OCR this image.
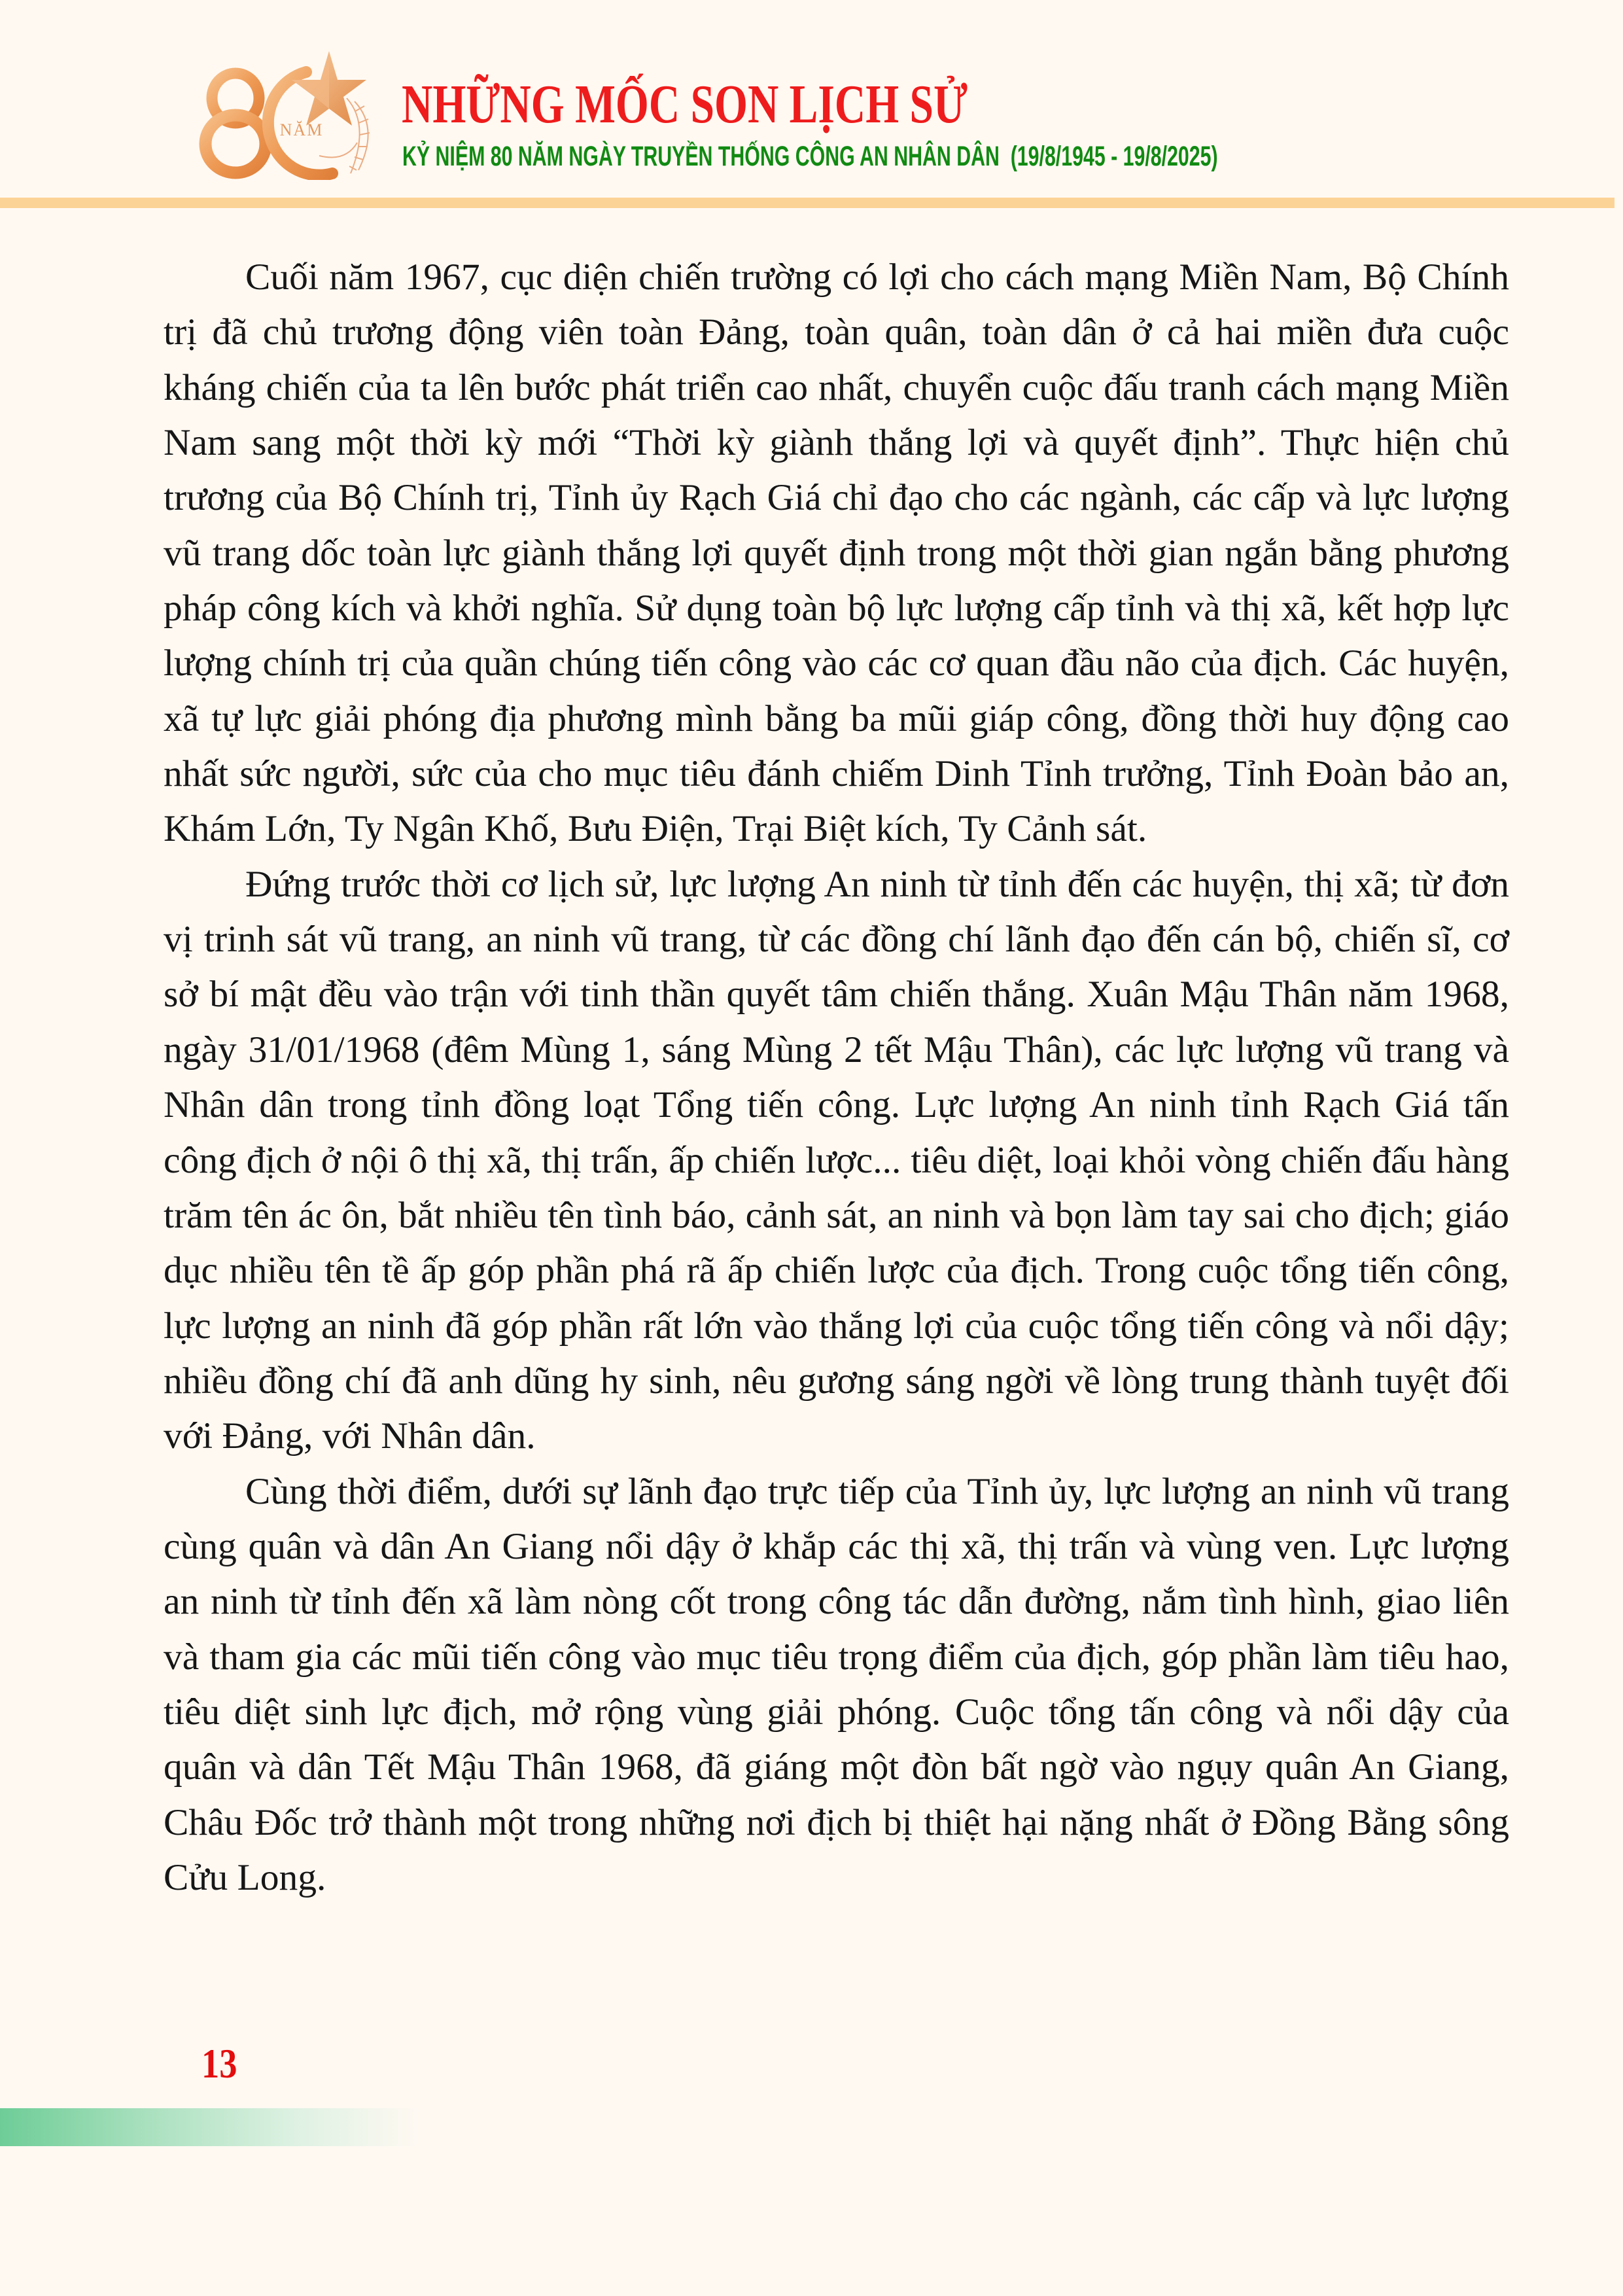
NĂM NHỮNG MỐC SON LỊCH SỬ
KỶ NIỆM 80 NĂM NGÀY TRUYỀN THỐNG CÔNG AN NHÂN DÂN  (19/8/1945 - 19/8/2025)

Cuối năm 1967, cục diện chiến trường có lợi cho cách mạng Miền Nam, Bộ Chính trị đã chủ trương động viên toàn Đảng, toàn quân, toàn dân ở cả hai miền đưa cuộc kháng chiến của ta lên bước phát triển cao nhất, chuyển cuộc đấu tranh cách mạng Miền Nam sang một thời kỳ mới “Thời kỳ giành thắng lợi và quyết định”. Thực hiện chủ trương của Bộ Chính trị, Tỉnh ủy Rạch Giá chỉ đạo cho các ngành, các cấp và lực lượng vũ trang dốc toàn lực giành thắng lợi quyết định trong một thời gian ngắn bằng phương pháp công kích và khởi nghĩa. Sử dụng toàn bộ lực lượng cấp tỉnh và thị xã, kết hợp lực lượng chính trị của quần chúng tiến công vào các cơ quan đầu não của địch. Các huyện, xã tự lực giải phóng địa phương mình bằng ba mũi giáp công, đồng thời huy động cao nhất sức người, sức của cho mục tiêu đánh chiếm Dinh Tỉnh trưởng, Tỉnh Đoàn bảo an, Khám Lớn, Ty Ngân Khố, Bưu Điện, Trại Biệt kích, Ty Cảnh sát.

Đứng trước thời cơ lịch sử, lực lượng An ninh từ tỉnh đến các huyện, thị xã; từ đơn vị trinh sát vũ trang, an ninh vũ trang, từ các đồng chí lãnh đạo đến cán bộ, chiến sĩ, cơ sở bí mật đều vào trận với tinh thần quyết tâm chiến thắng. Xuân Mậu Thân năm 1968, ngày 31/01/1968 (đêm Mùng 1, sáng Mùng 2 tết Mậu Thân), các lực lượng vũ trang và Nhân dân trong tỉnh đồng loạt Tổng tiến công. Lực lượng An ninh tỉnh Rạch Giá tấn công địch ở nội ô thị xã, thị trấn, ấp chiến lược... tiêu diệt, loại khỏi vòng chiến đấu hàng trăm tên ác ôn, bắt nhiều tên tình báo, cảnh sát, an ninh và bọn làm tay sai cho địch; giáo dục nhiều tên tề ấp góp phần phá rã ấp chiến lược của địch. Trong cuộc tổng tiến công, lực lượng an ninh đã góp phần rất lớn vào thắng lợi của cuộc tổng tiến công và nổi dậy; nhiều đồng chí đã anh dũng hy sinh, nêu gương sáng ngời về lòng trung thành tuyệt đối với Đảng, với Nhân dân.

Cùng thời điểm, dưới sự lãnh đạo trực tiếp của Tỉnh ủy, lực lượng an ninh vũ trang cùng quân và dân An Giang nổi dậy ở khắp các thị xã, thị trấn và vùng ven. Lực lượng an ninh từ tỉnh đến xã làm nòng cốt trong công tác dẫn đường, nắm tình hình, giao liên và tham gia các mũi tiến công vào mục tiêu trọng điểm của địch, góp phần làm tiêu hao, tiêu diệt sinh lực địch, mở rộng vùng giải phóng. Cuộc tổng tấn công và nổi dậy của quân và dân Tết Mậu Thân 1968, đã giáng một đòn bất ngờ vào ngụy quân An Giang, Châu Đốc trở thành một trong những nơi địch bị thiệt hại nặng nhất ở Đồng Bằng sông Cửu Long.

13
